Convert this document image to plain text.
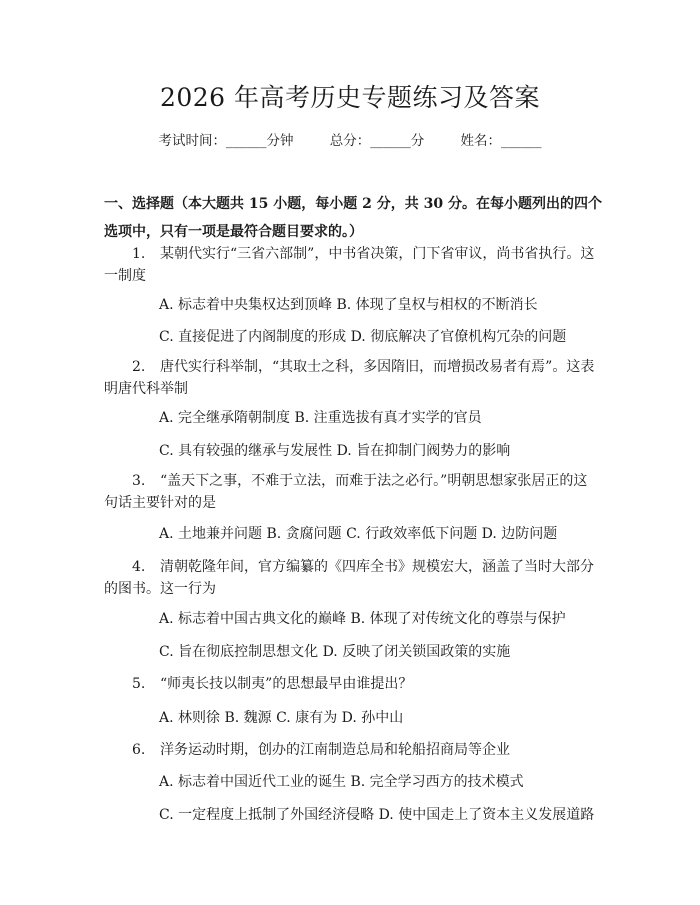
2026 年高考历史专题练习及答案
考试时间：______分钟	总分：______分	姓名：______
一、选择题（本大题共 15 小题，每小题 2 分，共 30 分。在每小题列出的四个选项中，只有一项是最符合题目要求的。）
1. 某朝代实行“三省六部制”，中书省决策，门下省审议，尚书省执行。这一制度
A. 标志着中央集权达到顶峰 B. 体现了皇权与相权的不断消长
C. 直接促进了内阁制度的形成 D. 彻底解决了官僚机构冗杂的问题
2. 唐代实行科举制，“其取士之科，多因隋旧，而增损改易者有焉”。这表明唐代科举制
A. 完全继承隋朝制度 B. 注重选拔有真才实学的官员
C. 具有较强的继承与发展性 D. 旨在抑制门阀势力的影响
3. “盖天下之事，不难于立法，而难于法之必行。”明朝思想家张居正的这句话主要针对的是
A. 土地兼并问题 B. 贪腐问题 C. 行政效率低下问题 D. 边防问题
4. 清朝乾隆年间，官方编纂的《四库全书》规模宏大，涵盖了当时大部分的图书。这一行为
A. 标志着中国古典文化的巅峰 B. 体现了对传统文化的尊崇与保护
C. 旨在彻底控制思想文化 D. 反映了闭关锁国政策的实施
5. “师夷长技以制夷”的思想最早由谁提出？
A. 林则徐 B. 魏源 C. 康有为 D. 孙中山
6. 洋务运动时期，创办的江南制造总局和轮船招商局等企业
A. 标志着中国近代工业的诞生 B. 完全学习西方的技术模式
C. 一定程度上抵制了外国经济侵略 D. 使中国走上了资本主义发展道路
